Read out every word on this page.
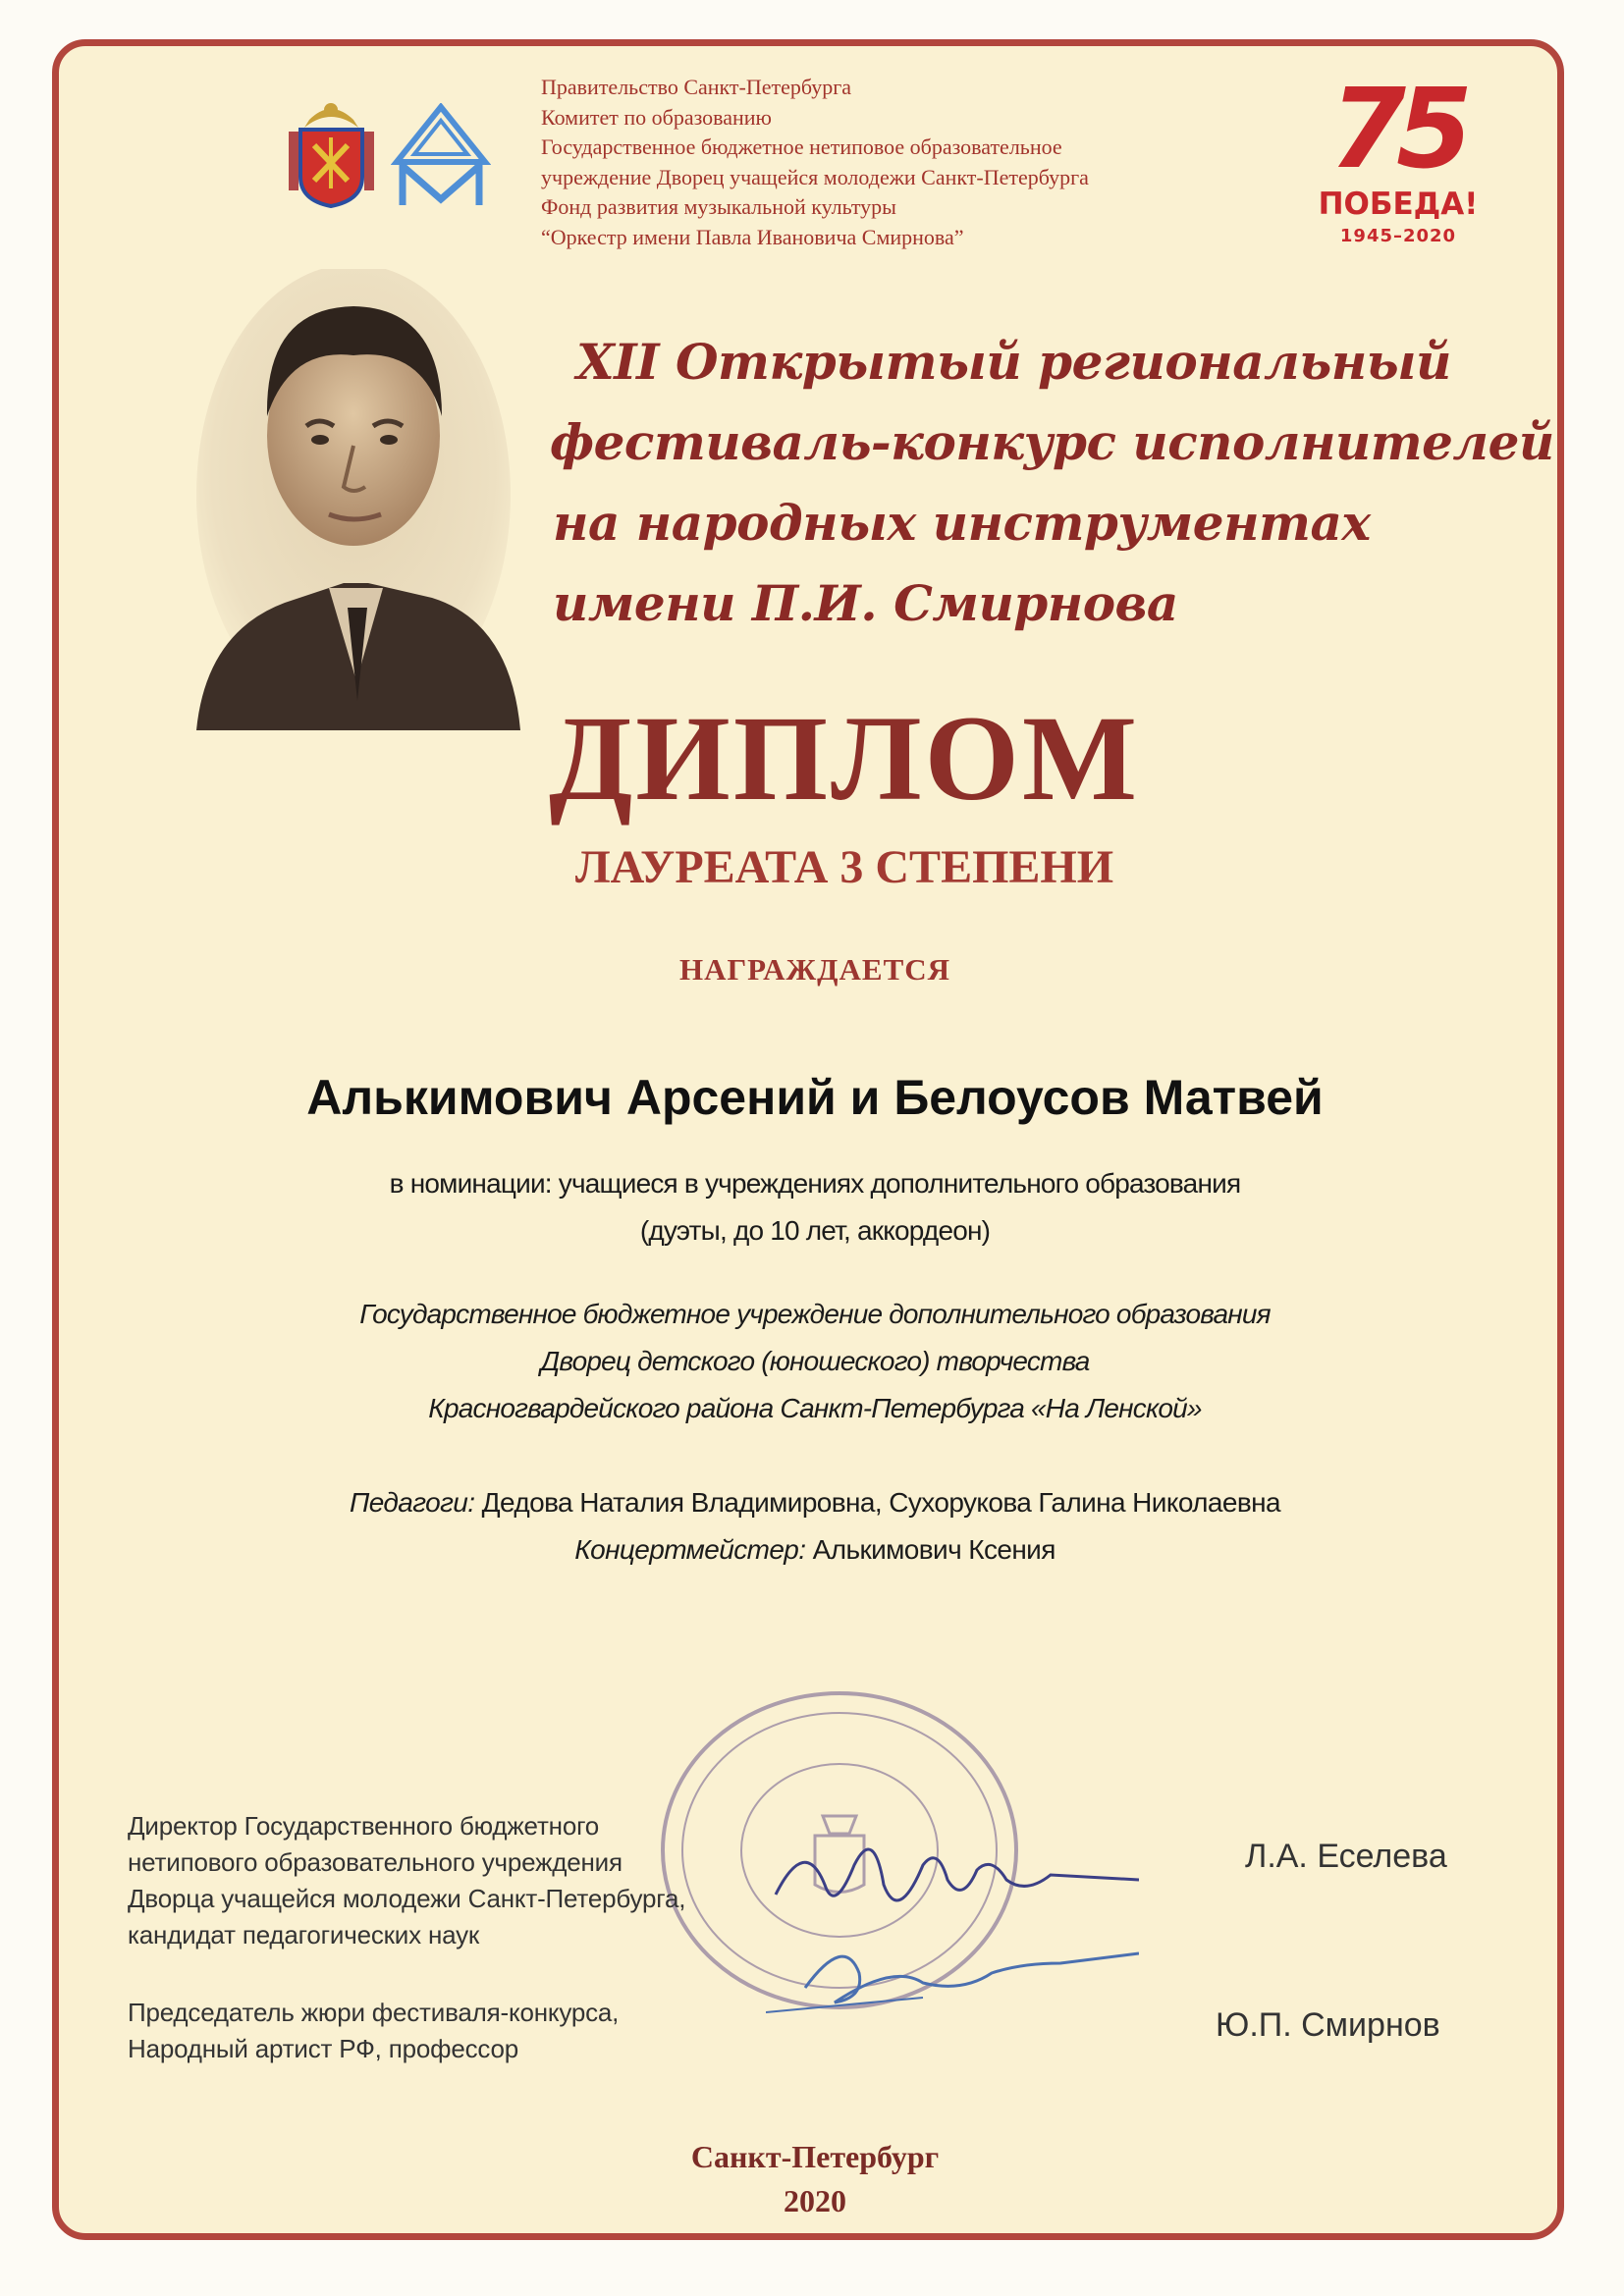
Правительство Санкт-Петербурга
Комитет по образованию
Государственное бюджетное нетиповое образовательное
учреждение Дворец учащейся молодежи Санкт-Петербурга
Фонд развития музыкальной культуры
“Оркестр имени Павла Ивановича Смирнова”
75
ПОБЕДА!
1945–2020
XII Открытый региональный
фестиваль-конкурс исполнителей
на народных инструментах
имени П.И. Смирнова
ДИПЛОМ
ЛАУРЕАТА 3 СТЕПЕНИ
НАГРАЖДАЕТСЯ
Алькимович Арсений и Белоусов Матвей
в номинации: учащиеся в учреждениях дополнительного образования
(дуэты, до 10 лет, аккордеон)
Государственное бюджетное учреждение дополнительного образования
Дворец детского (юношеского) творчества
Красногвардейского района Санкт-Петербурга «На Ленской»
Педагоги: Дедова Наталия Владимировна, Сухорукова Галина Николаевна
Концертмейстер: Алькимович Ксения
Директор Государственного бюджетного
нетипового образовательного учреждения
Дворца учащейся молодежи Санкт-Петербурга,
кандидат педагогических наук
Л.А. Еселева
Председатель жюри фестиваля-конкурса,
Народный артист РФ, профессор
Ю.П. Смирнов
Санкт-Петербург
2020
